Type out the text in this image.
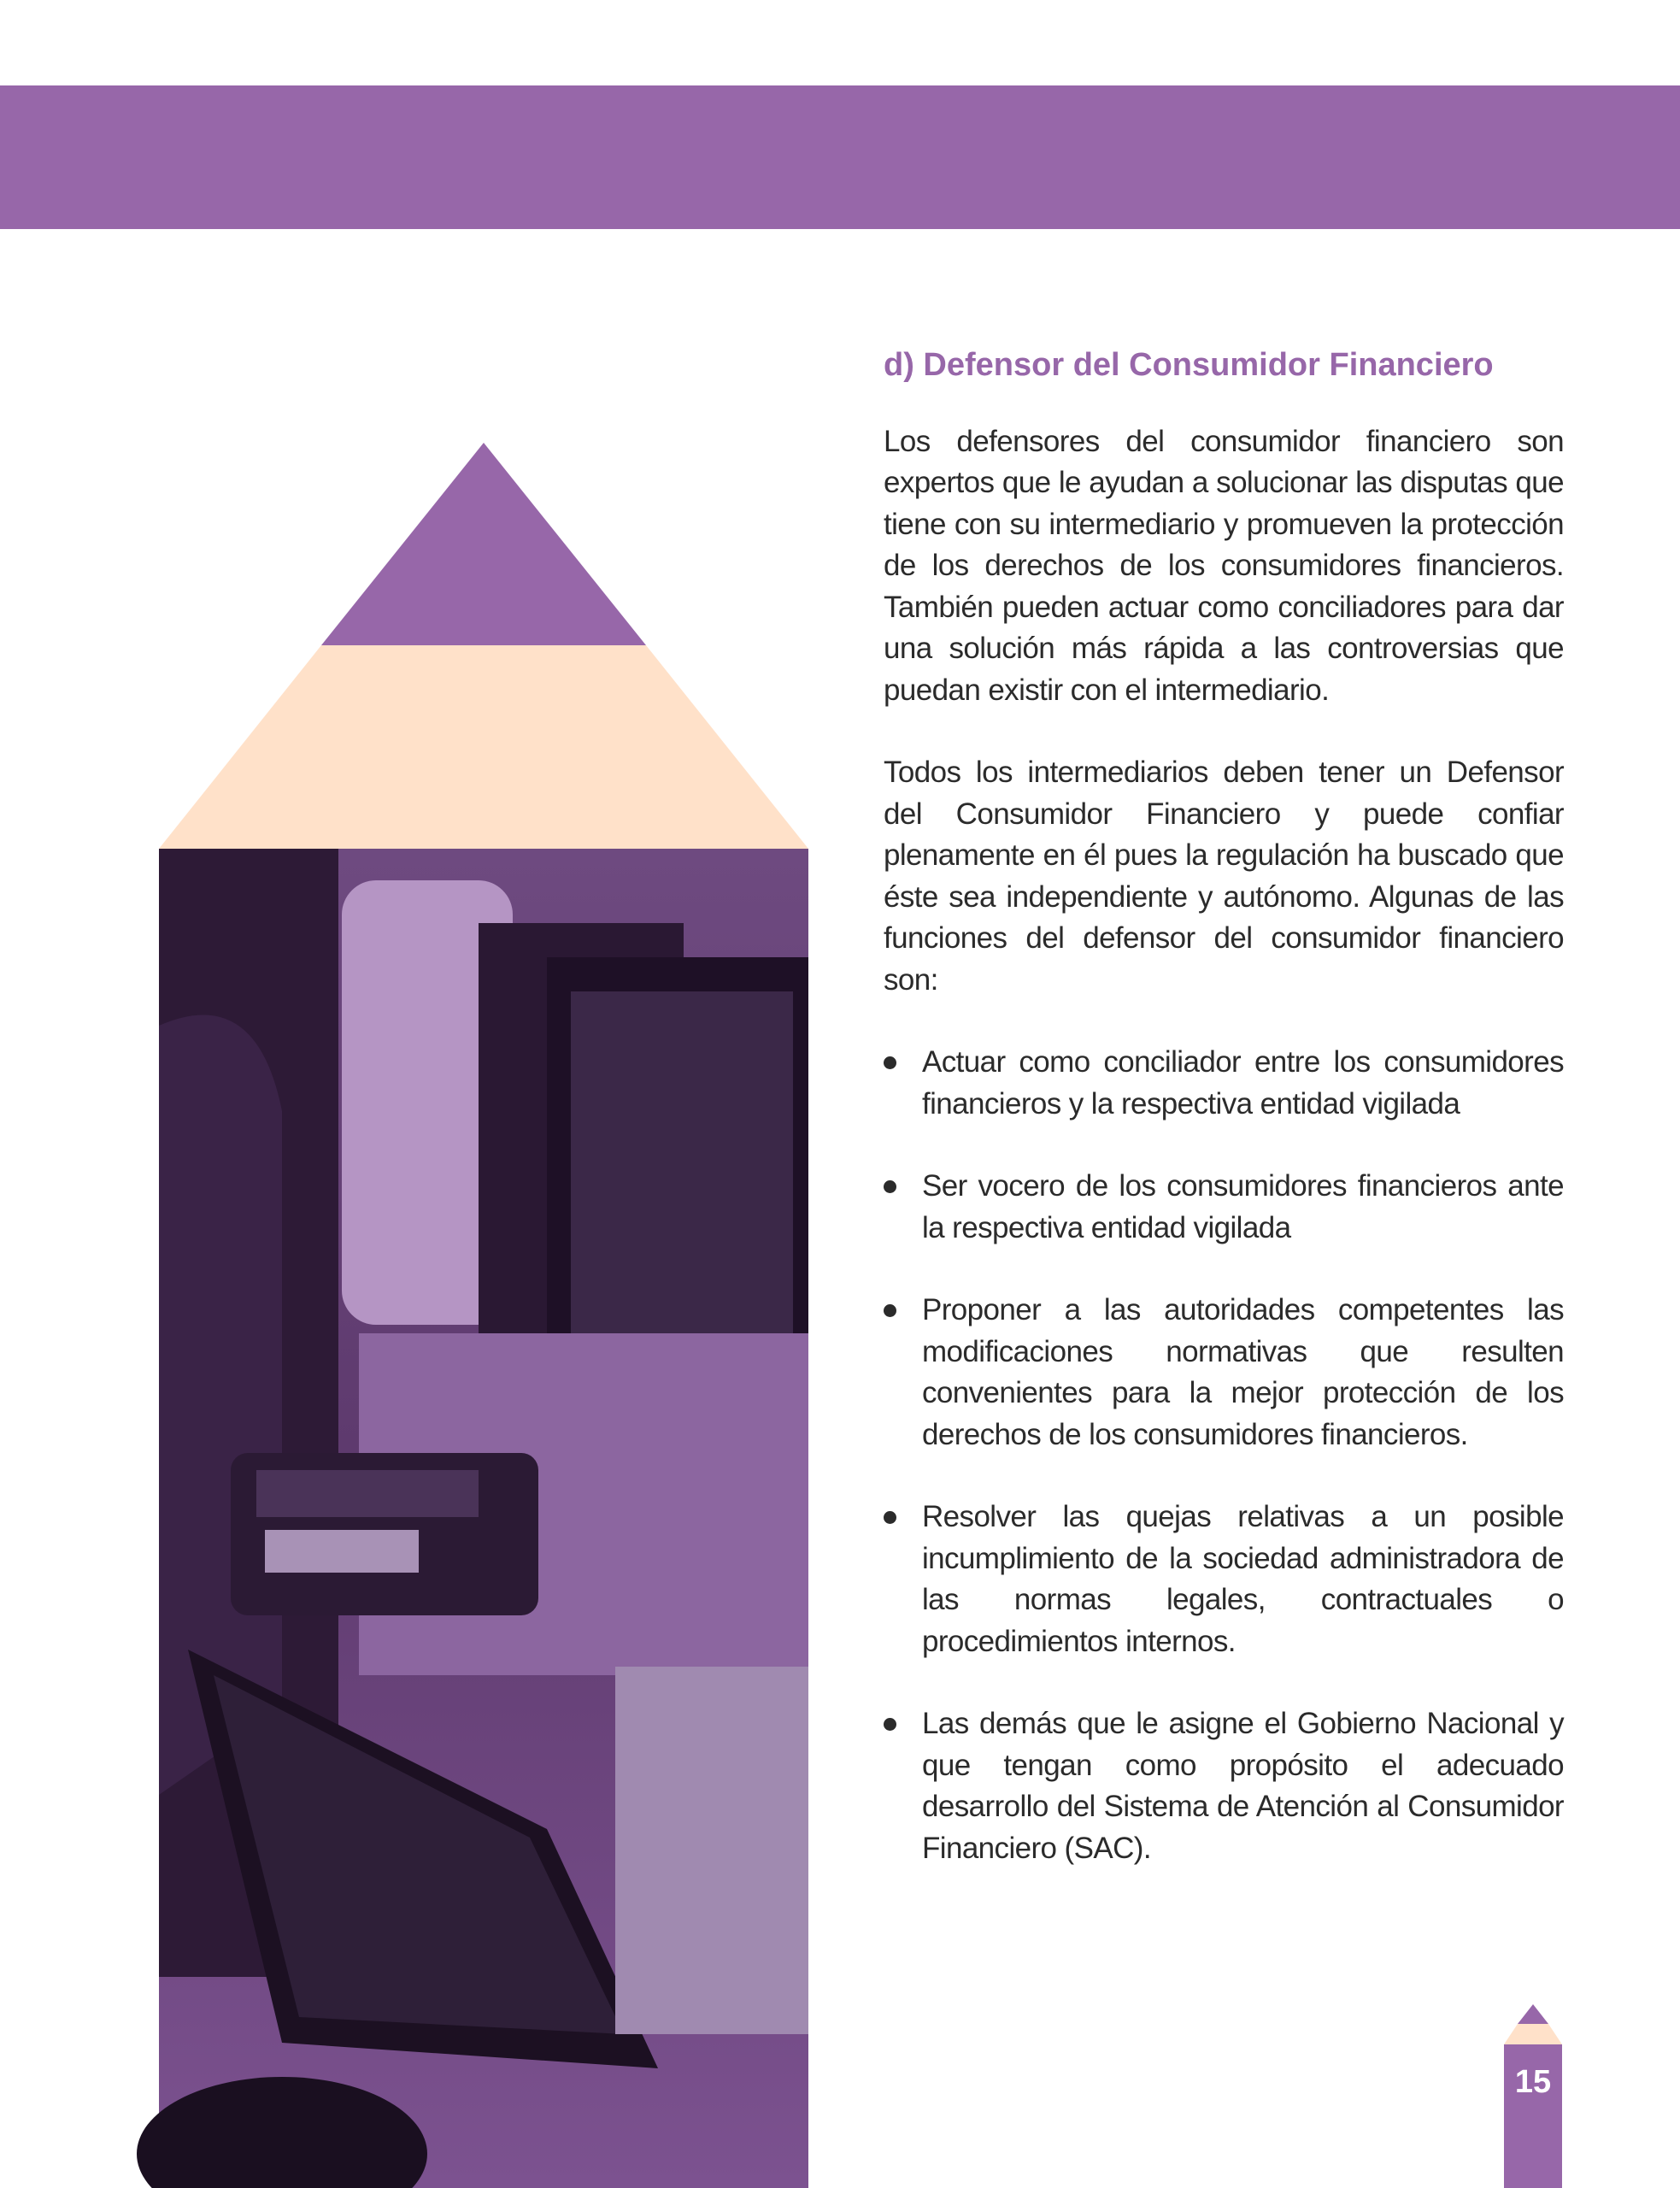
d) Defensor del Consumidor Financiero

Los defensores del consumidor financiero son expertos que le ayudan a solucionar las disputas que tiene con su intermediario y promueven la protección de los derechos de los consumidores financieros. También pueden actuar como conciliadores para dar una solución más rápida a las controversias que puedan existir con el intermediario.

Todos los intermediarios deben tener un Defensor del Consumidor Financiero y puede confiar plenamente en él pues la regulación ha buscado que éste sea independiente y autónomo. Algunas de las funciones del defensor del consumidor financiero son:

Actuar como conciliador entre los consumidores financieros y la respectiva entidad vigilada
Ser vocero de los consumidores financieros ante la respectiva entidad vigilada
Proponer a las autoridades competentes las modificaciones normativas que resulten convenientes para la mejor protección de los derechos de los consumidores financieros.
Resolver las quejas relativas a un posible incumplimiento de la sociedad administradora de las normas legales, contractuales o procedimientos internos.
Las demás que le asigne el Gobierno Nacional y que tengan como propósito el adecuado desarrollo del Sistema de Atención al Consumidor Financiero (SAC).
15
